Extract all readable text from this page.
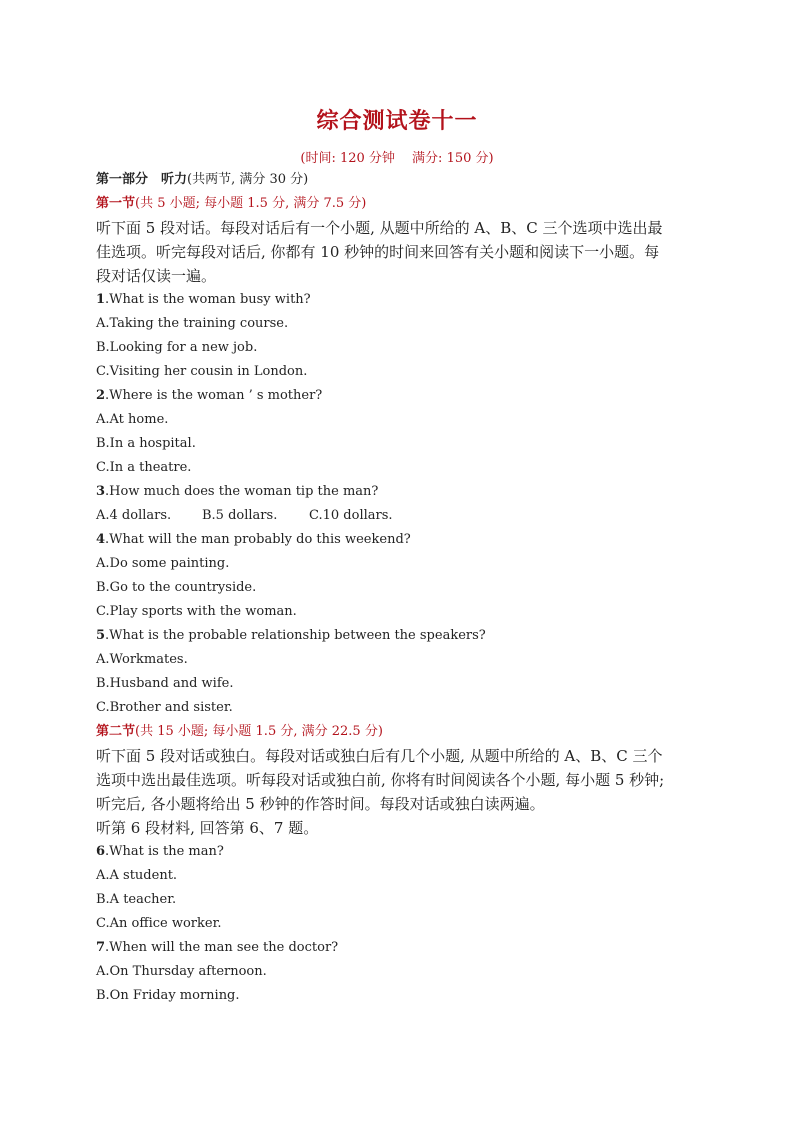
综合测试卷十一
(时间: 120 分钟　 满分: 150 分)
第一部分　听力(共两节, 满分 30 分)
第一节(共 5 小题; 每小题 1.5 分, 满分 7.5 分)
听下面 5 段对话。每段对话后有一个小题, 从题中所给的 A、B、C 三个选项中选出最
佳选项。听完每段对话后, 你都有 10 秒钟的时间来回答有关小题和阅读下一小题。每
段对话仅读一遍。
1.What is the woman busy with?
A.Taking the training course.
B.Looking for a new job.
C.Visiting her cousin in London.
2.Where is the woman ’ s mother?
A.At home.
B.In a hospital.
C.In a theatre.
3.How much does the woman tip the man?
A.4 dollars. B.5 dollars. C.10 dollars.
4.What will the man probably do this weekend?
A.Do some painting.
B.Go to the countryside.
C.Play sports with the woman.
5.What is the probable relationship between the speakers?
A.Workmates.
B.Husband and wife.
C.Brother and sister.
第二节(共 15 小题; 每小题 1.5 分, 满分 22.5 分)
听下面 5 段对话或独白。每段对话或独白后有几个小题, 从题中所给的 A、B、C 三个
选项中选出最佳选项。听每段对话或独白前, 你将有时间阅读各个小题, 每小题 5 秒钟;
听完后, 各小题将给出 5 秒钟的作答时间。每段对话或独白读两遍。
听第 6 段材料, 回答第 6、7 题。
6.What is the man?
A.A student.
B.A teacher.
C.An office worker.
7.When will the man see the doctor?
A.On Thursday afternoon.
B.On Friday morning.
